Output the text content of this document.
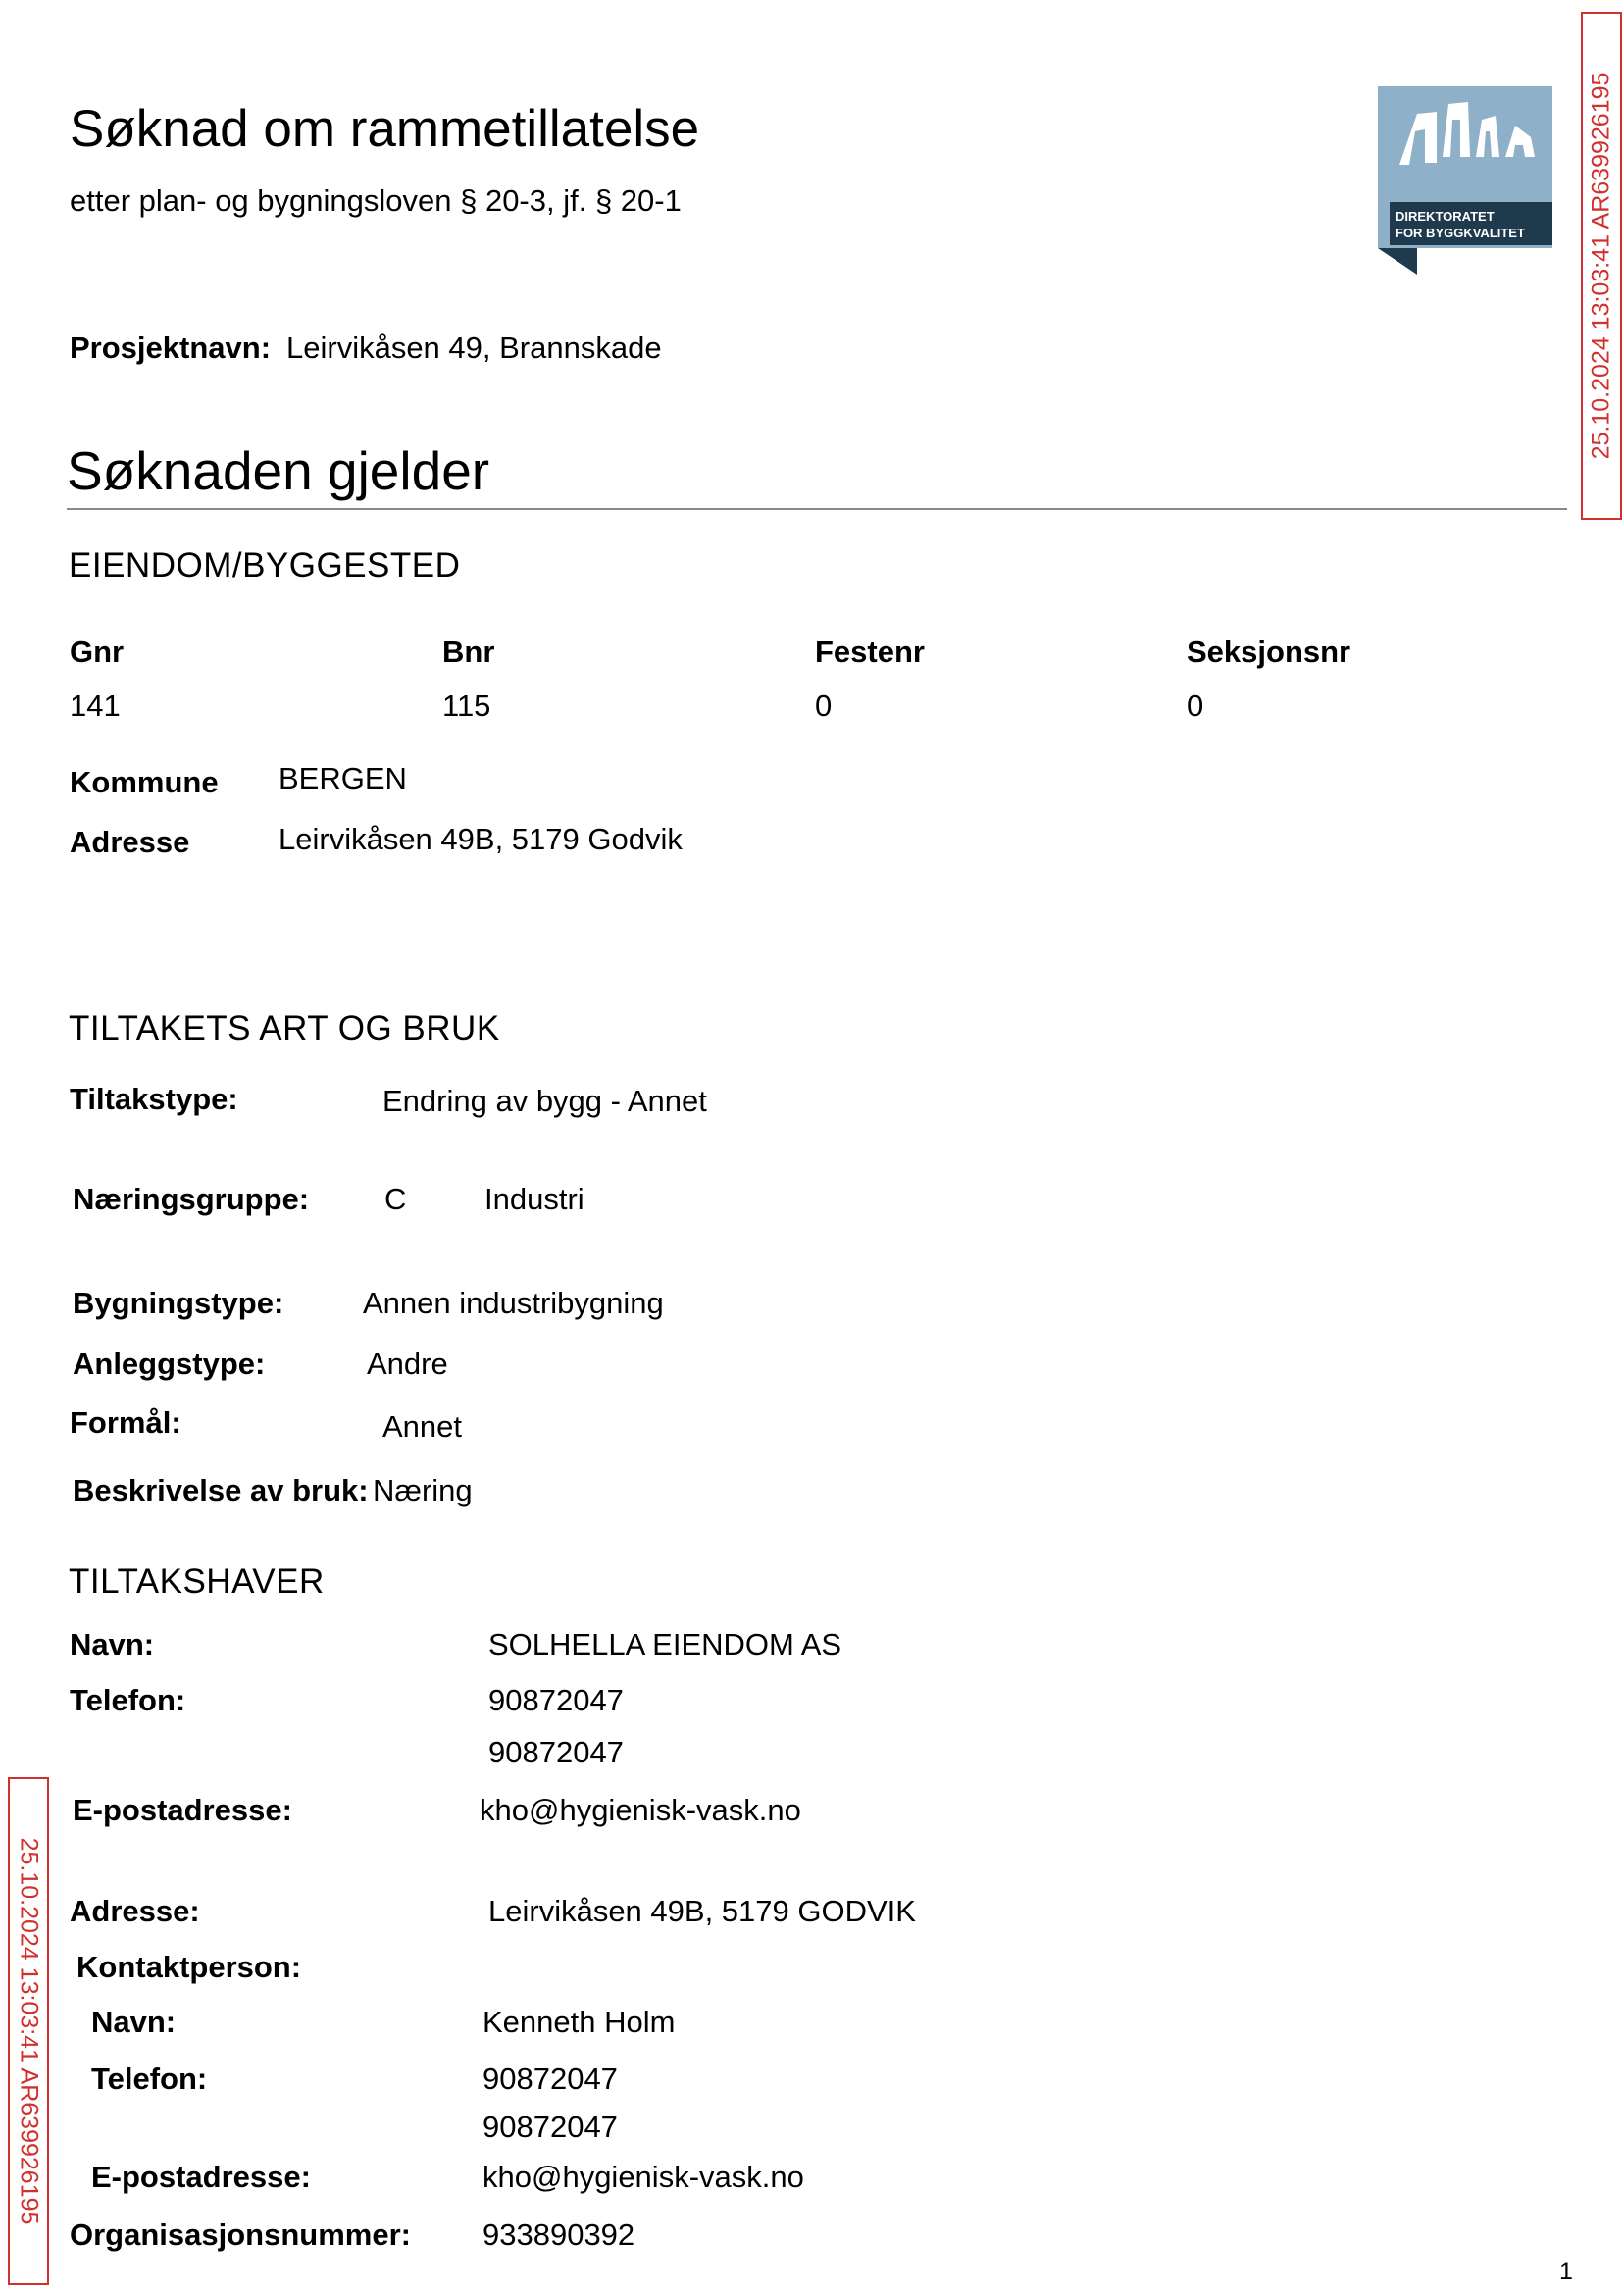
Søknad om rammetillatelse
etter plan- og bygningsloven § 20-3, jf. § 20-1	DIREKTORATET
FOR BYGGKVALITET	25.10.2024 13:03:41 AR639926195
Prosjektnavn: Leirvikåsen 49, Brannskade
Søknaden gjelder
EIENDOM/BYGGESTED
Gnr	Bnr	Festenr	Seksjonsnr
141	115	0	0
Kommune BERGEN
Adresse	Leirvikåsen 49B, 5179 Godvik
TILTAKETS ART OG BRUK
Tiltakstype:	Endring av bygg - Annet
Næringsgruppe: C	Industri
Bygningstype:	Annen industribygning
Anleggstype:	Andre
Formål:	Annet
Beskrivelse av bruk: Næring
TILTAKSHAVER
Navn:	SOLHELLA EIENDOM AS
Telefon:	90872047
90872047
E-postadresse:	kho@hygienisk-vask.no
Adresse:	Leirvikåsen 49B, 5179 GODVIK
Kontaktperson:
Navn:	Kenneth Holm
Telefon:	90872047
90872047
E-postadresse:	kho@hygienisk-vask.no
Organisasjonsnummer: 933890392
25.10.2024 13:03:41 AR639926195
1
